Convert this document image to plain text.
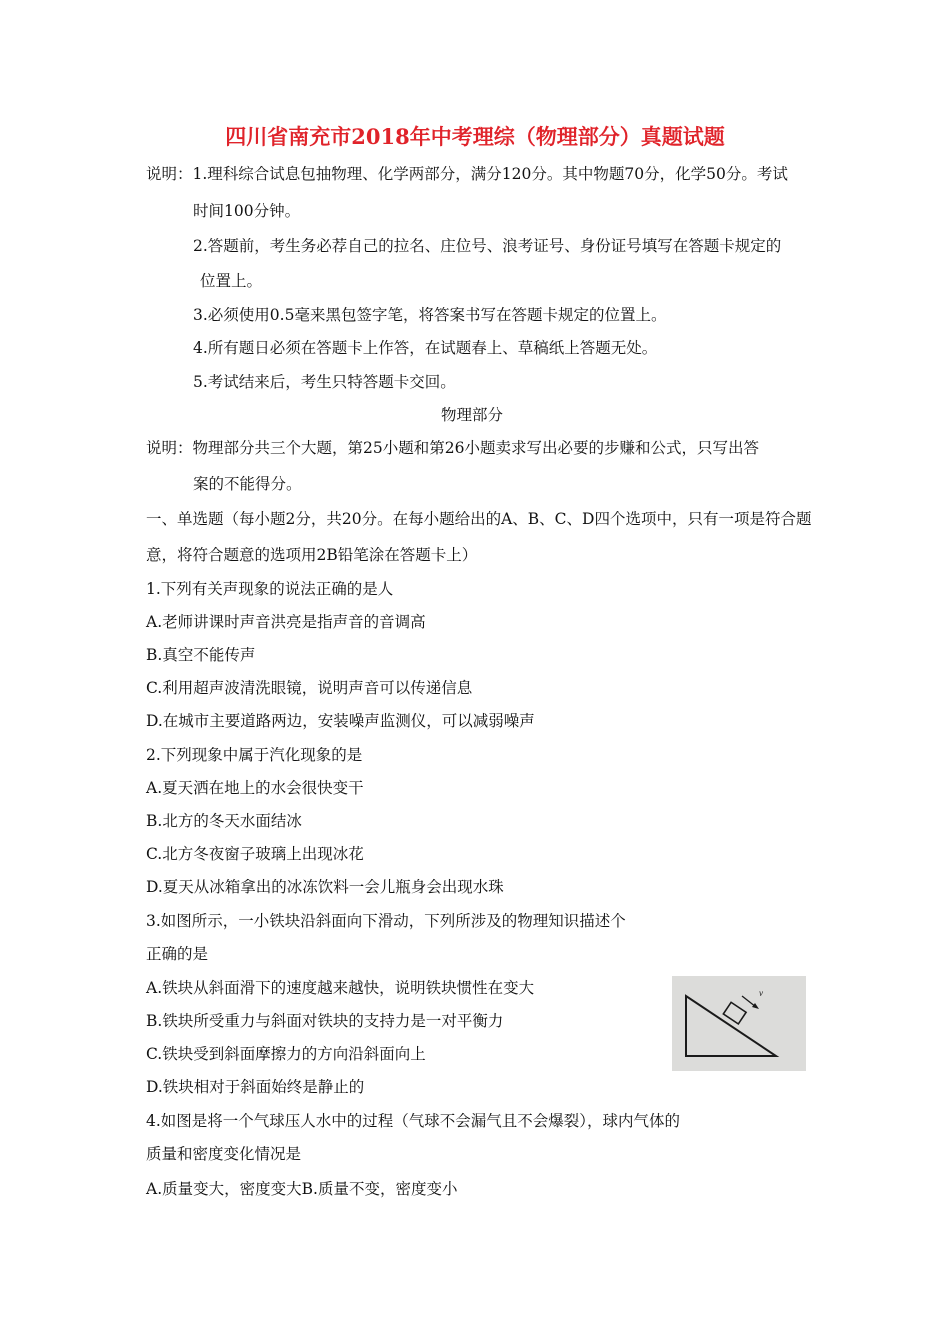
四川省南充市2018年中考理综（物理部分）真题试题
说明：1.理科综合试息包抽物理、化学两部分，满分120分。其中物题70分，化学50分。考试
时间100分钟。
2.答题前，考生务必荐自己的拉名、庄位号、浪考证号、身份证号填写在答题卡规定的
位置上。
3.必须使用0.5毫来黑包签字笔，将答案书写在答题卡规定的位置上。
4.所有题日必须在答题卡上作答，在试题春上、草稿纸上答题无处。
5.考试结来后，考生只特答题卡交回。
物理部分
说明：物理部分共三个大题，第25小题和第26小题卖求写出必要的步赚和公式，只写出答
案的不能得分。
一、单选题（每小题2分，共20分。在每小题给出的A、B、C、D四个选项中，只有一项是符合题
意，将符合题意的选项用2B铅笔涂在答题卡上）
1.下列有关声现象的说法正确的是人
A.老师讲课时声音洪亮是指声音的音调高
B.真空不能传声
C.利用超声波清洗眼镜，说明声音可以传递信息
D.在城市主要道路两边，安装噪声监测仪，可以减弱噪声
2.下列现象中属于汽化现象的是
A.夏天洒在地上的水会很快变干
B.北方的冬天水面结冰
C.北方冬夜窗子玻璃上出现冰花
D.夏天从冰箱拿出的冰冻饮料一会儿瓶身会出现水珠
3.如图所示，一小铁块沿斜面向下滑动，下列所涉及的物理知识描述个
正确的是
A.铁块从斜面滑下的速度越来越快，说明铁块惯性在变大
B.铁块所受重力与斜面对铁块的支持力是一对平衡力
C.铁块受到斜面摩擦力的方向沿斜面向上
D.铁块相对于斜面始终是静止的
v
4.如图是将一个气球压人水中的过程（气球不会漏气且不会爆裂），球内气体的
质量和密度变化情况是
A.质量变大，密度变大B.质量不变，密度变小
